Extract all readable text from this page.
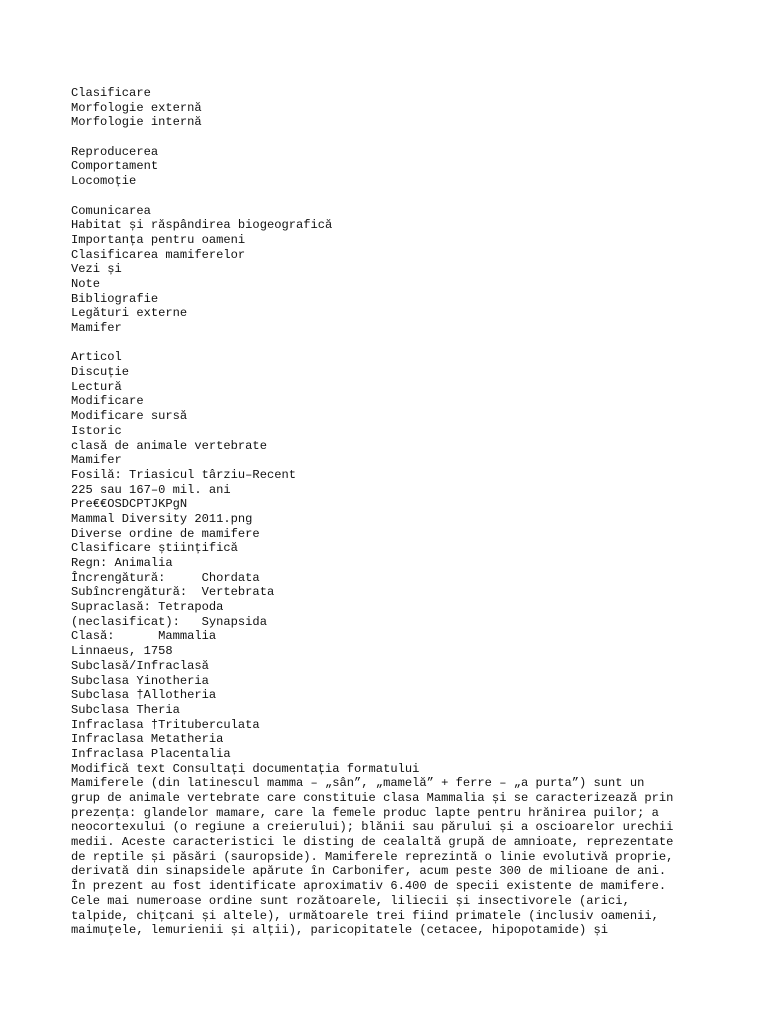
Clasificare
Morfologie externă
Morfologie internă
Reproducerea
Comportament
Locomoție
Comunicarea
Habitat și răspândirea biogeografică
Importanța pentru oameni
Clasificarea mamiferelor
Vezi și
Note
Bibliografie
Legături externe
Mamifer
Articol
Discuție
Lectură
Modificare
Modificare sursă
Istoric
clasă de animale vertebrate
Mamifer
Fosilă: Triasicul târziu–Recent
225 sau 167–0 mil. ani
Pre€€OSDCPTJKPgN
Mammal Diversity 2011.png
Diverse ordine de mamifere
Clasificare științifică
Regn: Animalia
Încrengătură:     Chordata
Subîncrengătură:  Vertebrata
Supraclasă: Tetrapoda
(neclasificat):   Synapsida
Clasă:      Mammalia
Linnaeus, 1758
Subclasă/Infraclasă
Subclasa Yinotheria
Subclasa †Allotheria
Subclasa Theria
Infraclasa †Trituberculata
Infraclasa Metatheria
Infraclasa Placentalia
Modifică text Consultați documentația formatului
Mamiferele (din latinescul mamma – „sân”, „mamelă” + ferre – „a purta”) sunt un
grup de animale vertebrate care constituie clasa Mammalia și se caracterizează prin
prezența: glandelor mamare, care la femele produc lapte pentru hrănirea puilor; a
neocortexului (o regiune a creierului); blănii sau părului și a oscioarelor urechii
medii. Aceste caracteristici le disting de cealaltă grupă de amnioate, reprezentate
de reptile și păsări (sauropside). Mamiferele reprezintă o linie evolutivă proprie,
derivată din sinapsidele apărute în Carbonifer, acum peste 300 de milioane de ani.
În prezent au fost identificate aproximativ 6.400 de specii existente de mamifere.
Cele mai numeroase ordine sunt rozătoarele, liliecii și insectivorele (arici,
talpide, chițcani și altele), următoarele trei fiind primatele (inclusiv oamenii,
maimuțele, lemurienii și alții), paricopitatele (cetacee, hipopotamide) și
